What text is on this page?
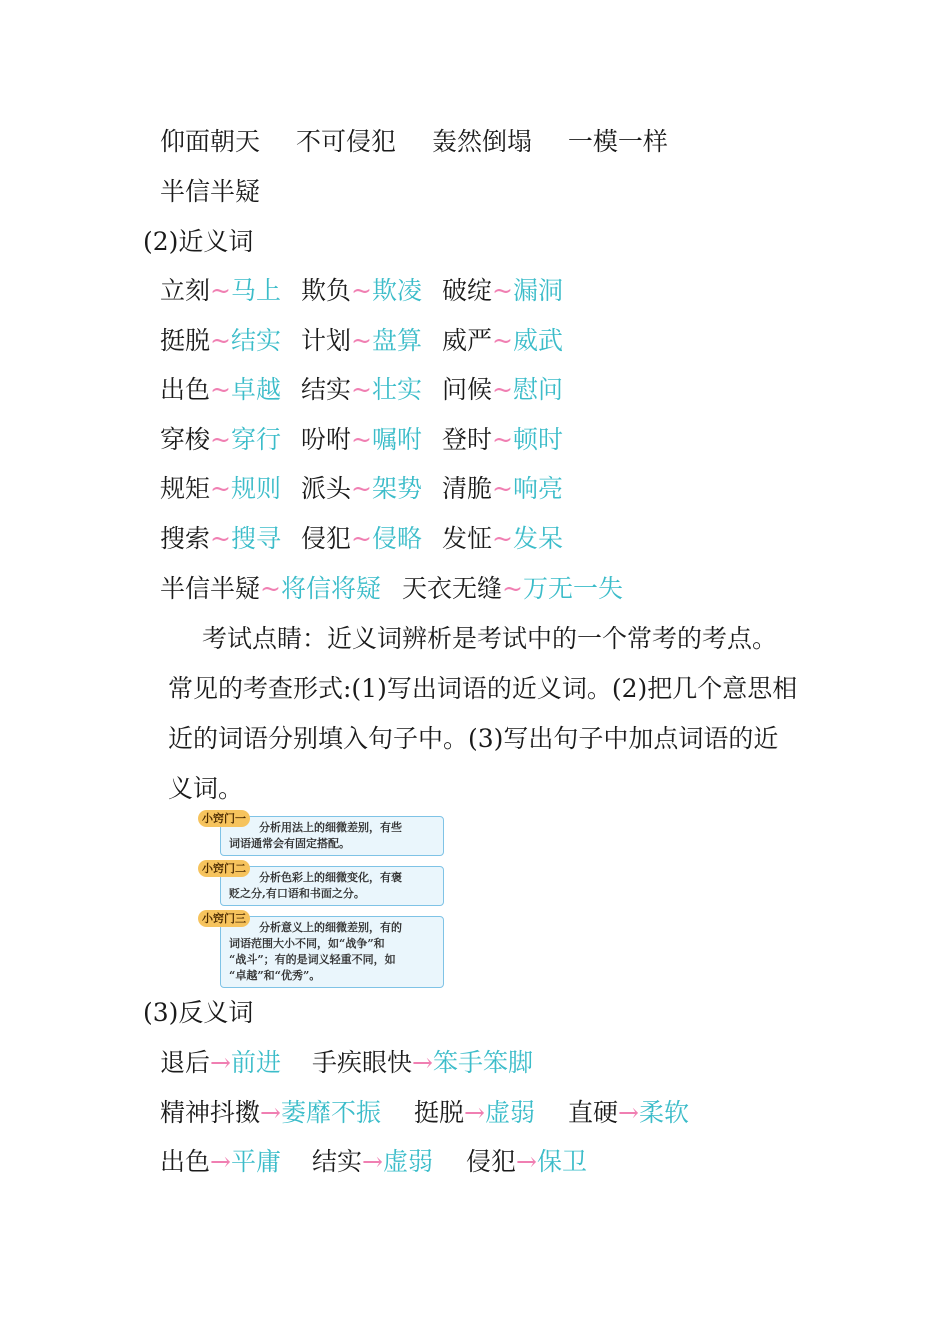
仰面朝天 不可侵犯 轰然倒塌 一模一样
半信半疑
(2)近义词
立刻~马上 欺负~欺凌 破绽~漏洞
挺脱~结实 计划~盘算 威严~威武
出色~卓越 结实~壮实 问候~慰问
穿梭~穿行 吩咐~嘱咐 登时~顿时
规矩~规则 派头~架势 清脆~响亮
搜索~搜寻 侵犯~侵略 发怔~发呆
半信半疑~将信将疑 天衣无缝~万无一失
考试点睛：近义词辨析是考试中的一个常考的考点。
常见的考查形式:(1)写出词语的近义词。(2)把几个意思相
近的词语分别填入句子中。(3)写出句子中加点词语的近
义词。
分析用法上的细微差别，有些
词语通常会有固定搭配。
小窍门一
分析色彩上的细微变化，有褒
贬之分,有口语和书面之分。
小窍门二
分析意义上的细微差别，有的
词语范围大小不同，如“战争”和
“战斗”；有的是词义轻重不同，如
“卓越”和“优秀”。
小窍门三
(3)反义词
退后→前进 手疾眼快→笨手笨脚
精神抖擞→萎靡不振 挺脱→虚弱 直硬→柔软
出色→平庸 结实→虚弱 侵犯→保卫
